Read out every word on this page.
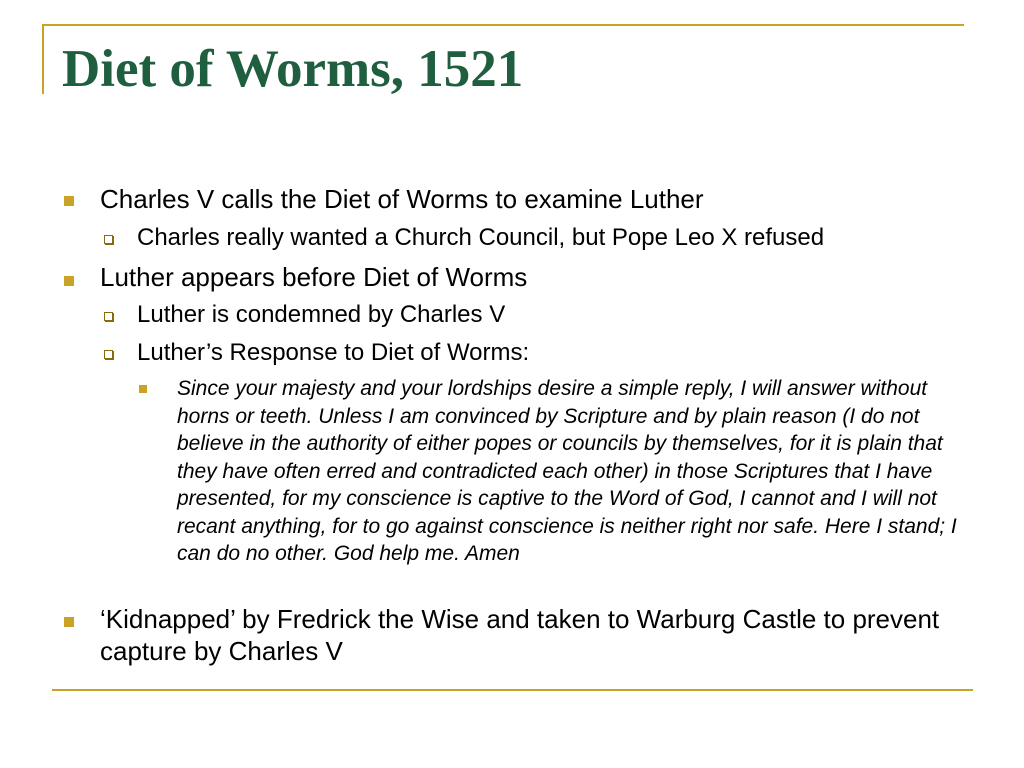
Diet of Worms, 1521
Charles V calls the Diet of Worms to examine Luther
Charles really wanted a Church Council, but Pope Leo X refused
Luther appears before Diet of Worms
Luther is condemned by Charles V
Luther’s Response to Diet of Worms:
Since your majesty and your lordships desire a simple reply, I will answer without horns or teeth. Unless I am convinced by Scripture and by plain reason (I do not believe in the authority of either popes or councils by themselves, for it is plain that they have often erred and contradicted each other) in those Scriptures that I have presented, for my conscience is captive to the Word of God, I cannot and I will not recant anything, for to go against conscience is neither right nor safe. Here I stand; I can do no other. God help me. Amen
‘Kidnapped’ by Fredrick the Wise and taken to Warburg Castle to prevent capture by Charles V
